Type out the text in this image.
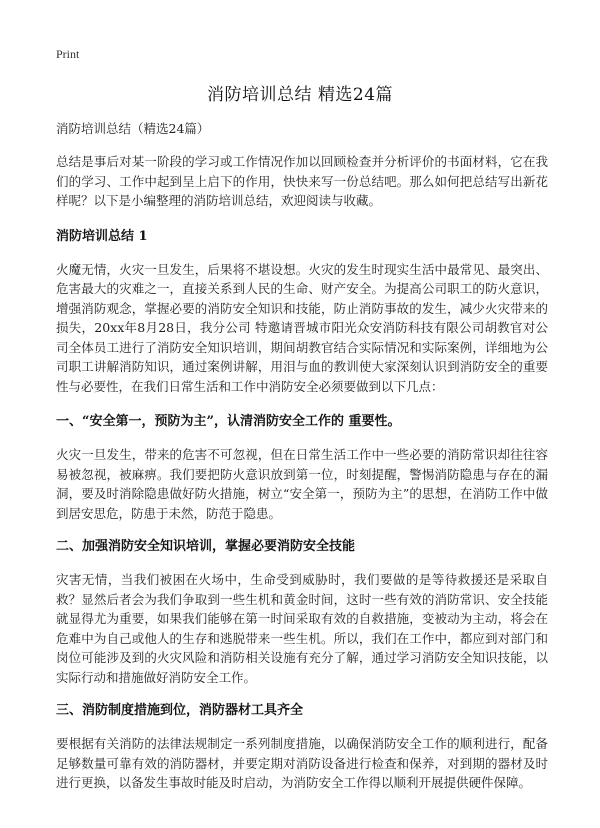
Print
消防培训总结 精选24篇

消防培训总结（精选24篇）

总结是事后对某一阶段的学习或工作情况作加以回顾检查并分析评价的书面材料，它在我们的学习、工作中起到呈上启下的作用，快快来写一份总结吧。那么如何把总结写出新花样呢？以下是小编整理的消防培训总结，欢迎阅读与收藏。

消防培训总结 1

火魔无情，火灾一旦发生，后果将不堪设想。火灾的发生时现实生活中最常见、最突出、危害最大的灾难之一，直接关系到人民的生命、财产安全。为提高公司职工的防火意识，增强消防观念，掌握必要的消防安全知识和技能，防止消防事故的发生，减少火灾带来的损失，20xx年8月28日，我分公司 特邀请晋城市阳光众安消防科技有限公司胡教官对公司全体员工进行了消防安全知识培训，期间胡教官结合实际情况和实际案例，详细地为公司职工讲解消防知识，通过案例讲解，用泪与血的教训使大家深刻认识到消防安全的重要性与必要性，在我们日常生活和工作中消防安全必须要做到以下几点：

一、“安全第一，预防为主”，认清消防安全工作的 重要性。

火灾一旦发生，带来的危害不可忽视，但在日常生活工作中一些必要的消防常识却往往容易被忽视，被麻痹。我们要把防火意识放到第一位，时刻提醒，警惕消防隐患与存在的漏洞，要及时消除隐患做好防火措施，树立“安全第一，预防为主”的思想，在消防工作中做到居安思危，防患于未然，防范于隐患。

二、加强消防安全知识培训，掌握必要消防安全技能

灾害无情，当我们被困在火场中，生命受到威胁时，我们要做的是等待救援还是采取自救？显然后者会为我们争取到一些生机和黄金时间，这时一些有效的消防常识、安全技能就显得尤为重要，如果我们能够在第一时间采取有效的自救措施，变被动为主动，将会在危难中为自己或他人的生存和逃脱带来一些生机。所以，我们在工作中，都应到对部门和岗位可能涉及到的火灾风险和消防相关设施有充分了解，通过学习消防安全知识技能，以实际行动和措施做好消防安全工作。

三、消防制度措施到位，消防器材工具齐全

要根据有关消防的法律法规制定一系列制度措施，以确保消防安全工作的顺利进行，配备足够数量可靠有效的消防器材，并要定期对消防设备进行检查和保养，对到期的器材及时进行更换，以备发生事故时能及时启动，为消防安全工作得以顺利开展提供硬件保障。
